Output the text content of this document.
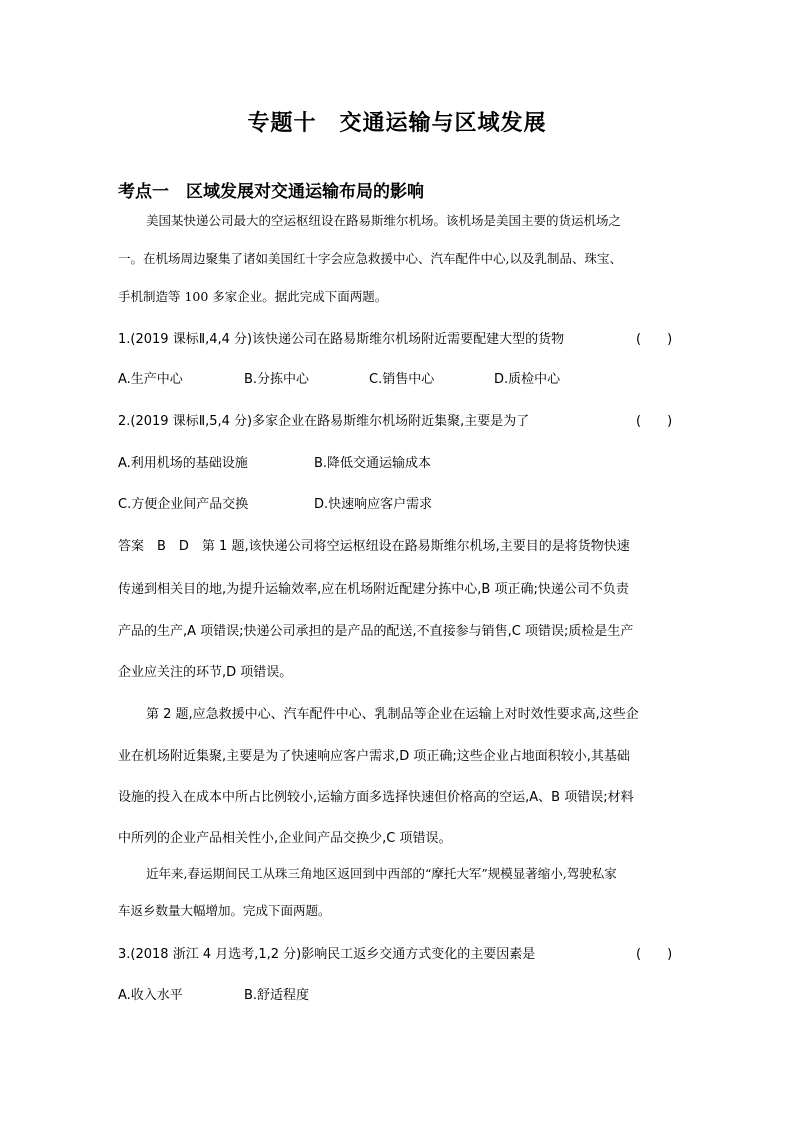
专题十　交通运输与区域发展
考点一　区域发展对交通运输布局的影响
美国某快递公司最大的空运枢纽设在路易斯维尔机场。该机场是美国主要的货运机场之
一。在机场周边聚集了诸如美国红十字会应急救援中心、汽车配件中心,以及乳制品、珠宝、
手机制造等 100 多家企业。据此完成下面两题。
1.(2019 课标Ⅱ,4,4 分)该快递公司在路易斯维尔机场附近需要配建大型的货物	(　　)
A.生产中心	B.分拣中心	C.销售中心	D.质检中心
2.(2019 课标Ⅱ,5,4 分)多家企业在路易斯维尔机场附近集聚,主要是为了	(　　)
A.利用机场的基础设施	B.降低交通运输成本
C.方便企业间产品交换	D.快速响应客户需求
答案　B　D　第 1 题,该快递公司将空运枢纽设在路易斯维尔机场,主要目的是将货物快速
传递到相关目的地,为提升运输效率,应在机场附近配建分拣中心,B 项正确;快递公司不负责
产品的生产,A 项错误;快递公司承担的是产品的配送,不直接参与销售,C 项错误;质检是生产
企业应关注的环节,D 项错误。
第 2 题,应急救援中心、汽车配件中心、乳制品等企业在运输上对时效性要求高,这些企
业在机场附近集聚,主要是为了快速响应客户需求,D 项正确;这些企业占地面积较小,其基础
设施的投入在成本中所占比例较小,运输方面多选择快速但价格高的空运,A、B 项错误;材料
中所列的企业产品相关性小,企业间产品交换少,C 项错误。
近年来,春运期间民工从珠三角地区返回到中西部的“摩托大军”规模显著缩小,驾驶私家
车返乡数量大幅增加。完成下面两题。
3.(2018 浙江 4 月选考,1,2 分)影响民工返乡交通方式变化的主要因素是	(　　)
A.收入水平	B.舒适程度
